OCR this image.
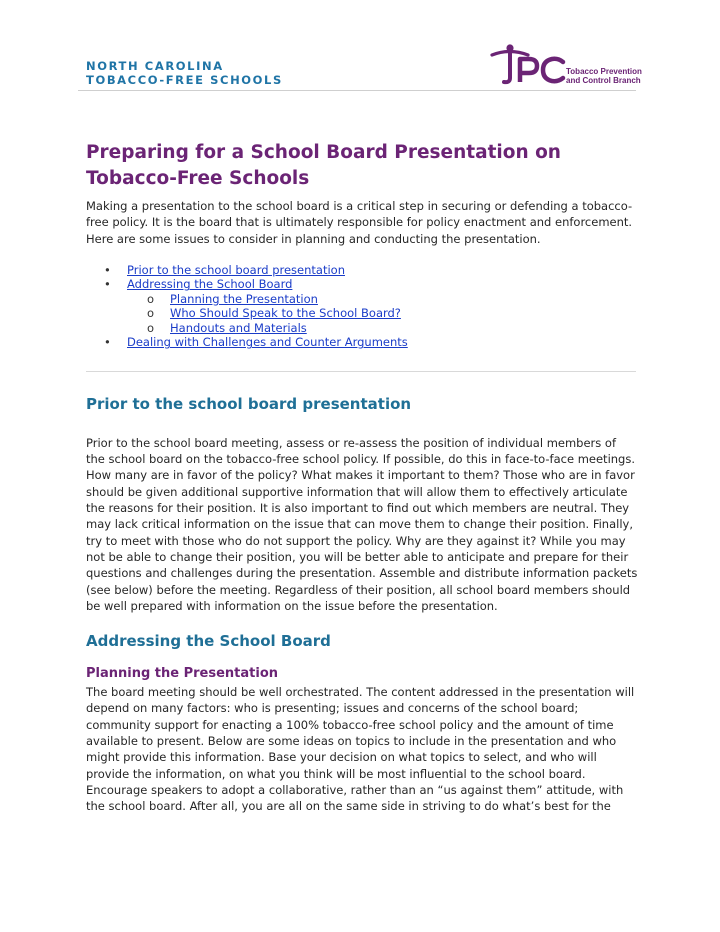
NORTH CAROLINA
TOBACCO-FREE SCHOOLS
Tobacco Prevention
and Control Branch
Preparing for a School Board Presentation on Tobacco-Free Schools

Making a presentation to the school board is a critical step in securing or defending a tobacco-free policy. It is the board that is ultimately responsible for policy enactment and enforcement. Here are some issues to consider in planning and conducting the presentation.

• Prior to the school board presentation
• Addressing the School Board
o Planning the Presentation
o Who Should Speak to the School Board?
o Handouts and Materials
• Dealing with Challenges and Counter Arguments
Prior to the school board presentation

Prior to the school board meeting, assess or re-assess the position of individual members of the school board on the tobacco-free school policy. If possible, do this in face-to-face meetings. How many are in favor of the policy? What makes it important to them? Those who are in favor should be given additional supportive information that will allow them to effectively articulate the reasons for their position. It is also important to find out which members are neutral. They may lack critical information on the issue that can move them to change their position. Finally, try to meet with those who do not support the policy. Why are they against it? While you may not be able to change their position, you will be better able to anticipate and prepare for their questions and challenges during the presentation. Assemble and distribute information packets (see below) before the meeting. Regardless of their position, all school board members should be well prepared with information on the issue before the presentation.

Addressing the School Board
Planning the Presentation

The board meeting should be well orchestrated. The content addressed in the presentation will depend on many factors: who is presenting; issues and concerns of the school board; community support for enacting a 100% tobacco-free school policy and the amount of time available to present. Below are some ideas on topics to include in the presentation and who might provide this information. Base your decision on what topics to select, and who will provide the information, on what you think will be most influential to the school board. Encourage speakers to adopt a collaborative, rather than an “us against them” attitude, with the school board. After all, you are all on the same side in striving to do what’s best for the
